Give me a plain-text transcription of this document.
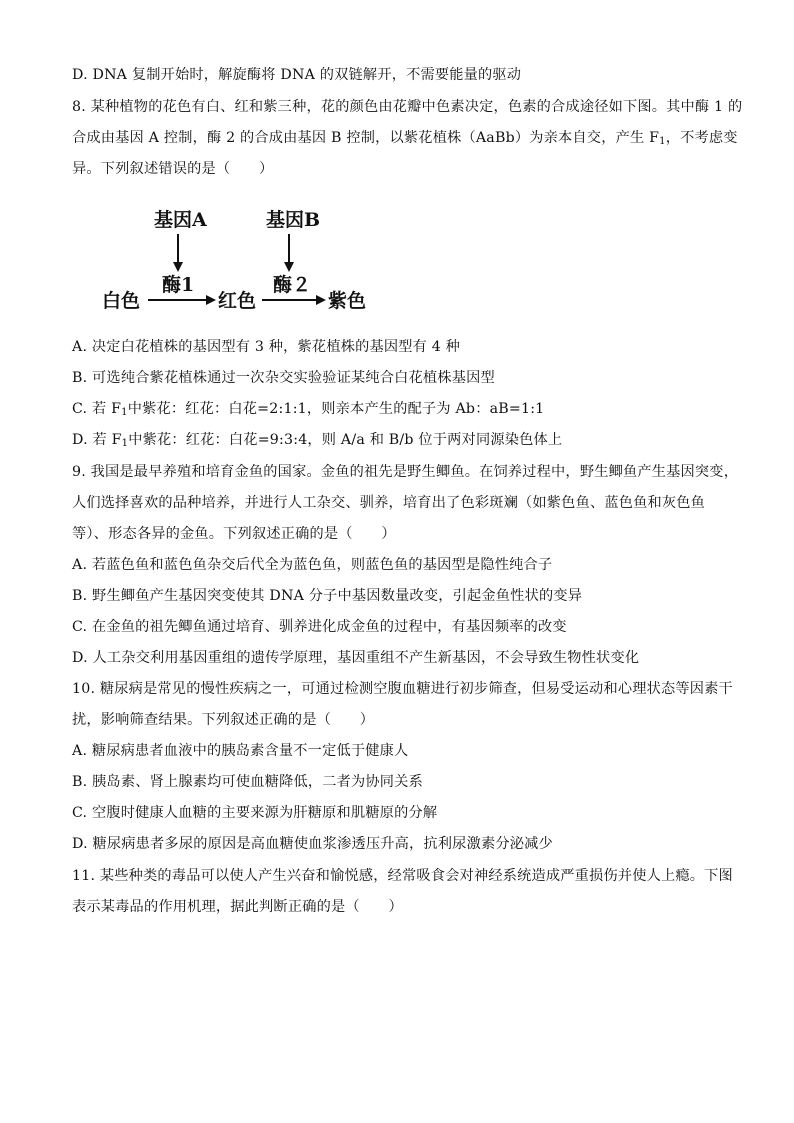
D. DNA 复制开始时，解旋酶将 DNA 的双链解开，不需要能量的驱动
8. 某种植物的花色有白、红和紫三种，花的颜色由花瓣中色素决定，色素的合成途径如下图。其中酶 1 的
合成由基因 A 控制，酶 2 的合成由基因 B 控制，以紫花植株（AaBb）为亲本自交，产生 $F_1$，不考虑变
异。下列叙述错误的是（　　）
基因A	基因B
酶1	酶２
白色	红色	紫色
A. 决定白花植株的基因型有 3 种，紫花植株的基因型有 4 种
B. 可选纯合紫花植株通过一次杂交实验验证某纯合白花植株基因型
C. 若 $F_1$中紫花：红花：白花=2:1:1，则亲本产生的配子为 Ab：aB=1:1
D. 若 $F_1$中紫花：红花：白花=9:3:4，则 A/a 和 B/b 位于两对同源染色体上
9. 我国是最早养殖和培育金鱼的国家。金鱼的祖先是野生鲫鱼。在饲养过程中，野生鲫鱼产生基因突变，
人们选择喜欢的品种培养，并进行人工杂交、驯养，培育出了色彩斑斓（如紫色鱼、蓝色鱼和灰色鱼
等）、形态各异的金鱼。下列叙述正确的是（　　）
A. 若蓝色鱼和蓝色鱼杂交后代全为蓝色鱼，则蓝色鱼的基因型是隐性纯合子
B. 野生鲫鱼产生基因突变使其 DNA 分子中基因数量改变，引起金鱼性状的变异
C. 在金鱼的祖先鲫鱼通过培育、驯养进化成金鱼的过程中，有基因频率的改变
D. 人工杂交利用基因重组的遗传学原理，基因重组不产生新基因，不会导致生物性状变化
10. 糖尿病是常见的慢性疾病之一，可通过检测空腹血糖进行初步筛查，但易受运动和心理状态等因素干
扰，影响筛查结果。下列叙述正确的是（　　）
A. 糖尿病患者血液中的胰岛素含量不一定低于健康人
B. 胰岛素、肾上腺素均可使血糖降低，二者为协同关系
C. 空腹时健康人血糖的主要来源为肝糖原和肌糖原的分解
D. 糖尿病患者多尿的原因是高血糖使血浆渗透压升高，抗利尿激素分泌减少
11. 某些种类的毒品可以使人产生兴奋和愉悦感，经常吸食会对神经系统造成严重损伤并使人上瘾。下图
表示某毒品的作用机理，据此判断正确的是（　　）
